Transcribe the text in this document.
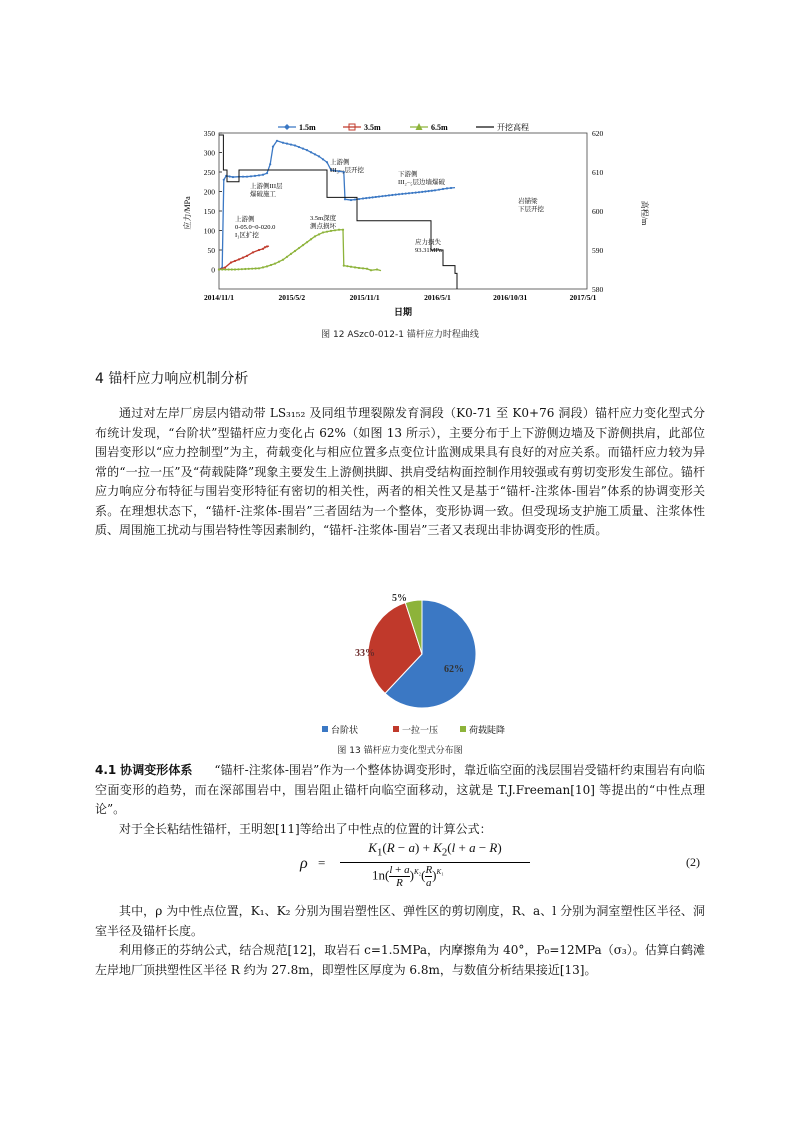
0
50
100
150
200
250
300
350
580
590
600
610
620
2014/11/1	2015/5/2	2015/11/1	2016/5/1	2016/10/31	2017/5/1
应力/MPa	高程/m
日期
1.5m	3.5m	6.5m	开挖高程
上游侧 III₅₋₅层开挖
上游侧III层爆破施工
上游侧 0-05.0~0-020.0 I₁区扩挖
3.5m深度测点损坏
下游侧 III₂₋₅层边墙爆破
岩锚梁下层开挖
应力损失 93.31MPa
图 12 ASzc0-012-1 锚杆应力时程曲线
4 锚杆应力响应机制分析

通过对左岸厂房层内错动带 LS₃₁₅₂ 及同组节理裂隙发育洞段（K0-71 至 K0+76 洞段）锚杆应力变化型式分布统计发现，“台阶状”型锚杆应力变化占 62%（如图 13 所示），主要分布于上下游侧边墙及下游侧拱肩，此部位围岩变形以“应力控制型”为主，荷载变化与相应位置多点变位计监测成果具有良好的对应关系。而锚杆应力较为异常的“一拉一压”及“荷载陡降”现象主要发生上游侧拱脚、拱肩受结构面控制作用较强或有剪切变形发生部位。锚杆应力响应分布特征与围岩变形特征有密切的相关性，两者的相关性又是基于“锚杆-注浆体-围岩”体系的协调变形关系。在理想状态下，“锚杆-注浆体-围岩”三者固结为一个整体，变形协调一致。但受现场支护施工质量、注浆体性质、周围施工扰动与围岩特性等因素制约，“锚杆-注浆体-围岩”三者又表现出非协调变形的性质。

62%
33%
5%
台阶状	一拉一压	荷载陡降
图 13 锚杆应力变化型式分布图

4.1 协调变形体系 “锚杆-注浆体-围岩”作为一个整体协调变形时，靠近临空面的浅层围岩受锚杆约束围岩有向临空面变形的趋势，而在深部围岩中，围岩阻止锚杆向临空面移动，这就是 T.J.Freeman[10] 等提出的“中性点理论”。

对于全长粘结性锚杆，王明恕[11]等给出了中性点的位置的计算公式：

ρ =
$K_1(R - a) + K_2(l + a - R)$
1n(l + a

R
)$^{K_2}(\frac{R}{a} )^{K_1}$
(2)

其中，ρ 为中性点位置，K₁、K₂ 分别为围岩塑性区、弹性区的剪切刚度，R、a、l 分别为洞室塑性区半径、洞室半径及锚杆长度。

利用修正的芬纳公式，结合规范[12]，取岩石 c=1.5MPa，内摩擦角为 40°，P₀=12MPa（σ₃）。估算白鹤滩左岸地厂顶拱塑性区半径 R 约为 27.8m，即塑性区厚度为 6.8m，与数值分析结果接近[13]。
